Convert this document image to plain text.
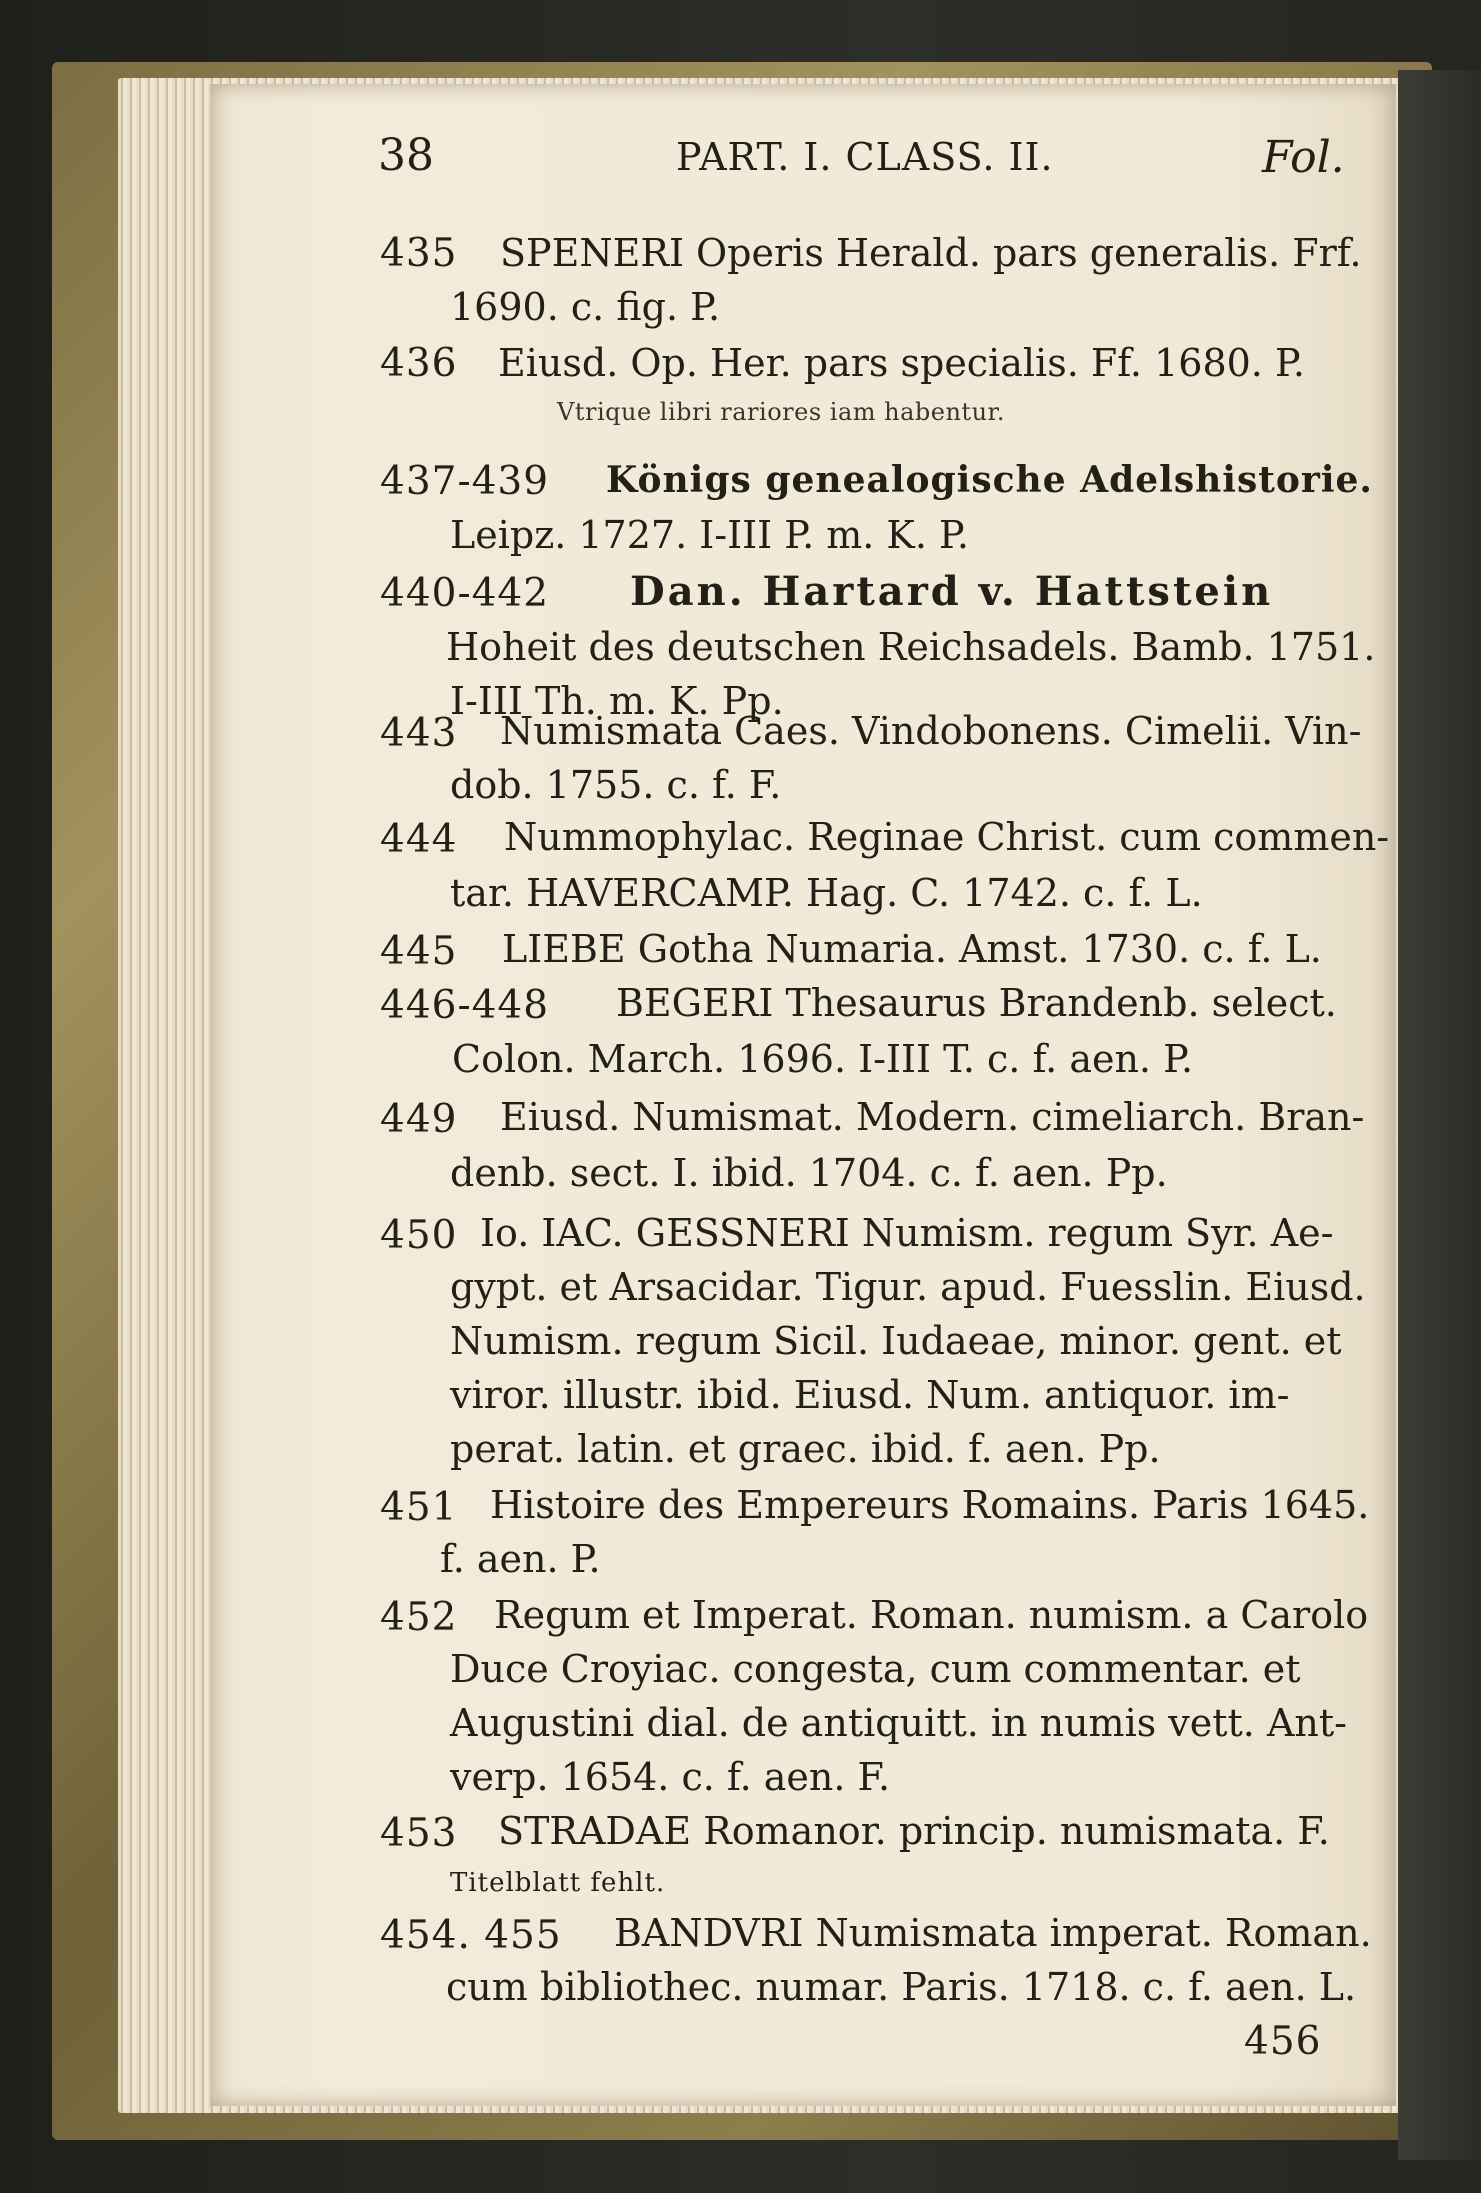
38	PART. I. CLASS. II.	Fol.
435 SPENERI Operis Herald. pars generalis. Frf.
1690. c. fig. P.
436 Eiusd. Op. Her. pars specialis. Ff. 1680. P.
Vtrique libri rariores iam habentur.
437-439 Königs genealogische Adelshistorie.
Leipz. 1727. I-III P. m. K. P.
440-442 Dan. Hartard v. Hattstein
Hoheit des deutschen Reichsadels. Bamb. 1751.
I-III Th. m. K. Pp.
443 Numismata Caes. Vindobonens. Cimelii. Vin-
dob. 1755. c. f. F.
444 Nummophylac. Reginae Christ. cum commen-
tar. HAVERCAMP. Hag. C. 1742. c. f. L.
445 LIEBE Gotha Numaria. Amst. 1730. c. f. L.
446-448 BEGERI Thesaurus Brandenb. select.
Colon. March. 1696. I-III T. c. f. aen. P.
449 Eiusd. Numismat. Modern. cimeliarch. Bran-
denb. sect. I. ibid. 1704. c. f. aen. Pp.
450 Io. IAC. GESSNERI Numism. regum Syr. Ae-
gypt. et Arsacidar. Tigur. apud. Fuesslin. Eiusd.
Numism. regum Sicil. Iudaeae, minor. gent. et
viror. illustr. ibid. Eiusd. Num. antiquor. im-
perat. latin. et graec. ibid. f. aen. Pp.
451 Histoire des Empereurs Romains. Paris 1645.
f. aen. P.
452 Regum et Imperat. Roman. numism. a Carolo
Duce Croyiac. congesta, cum commentar. et
Augustini dial. de antiquitt. in numis vett. Ant-
verp. 1654. c. f. aen. F.
453 STRADAE Romanor. princip. numismata. F.
Titelblatt fehlt.
454. 455 BANDVRI Numismata imperat. Roman.
cum bibliothec. numar. Paris. 1718. c. f. aen. L.
456
